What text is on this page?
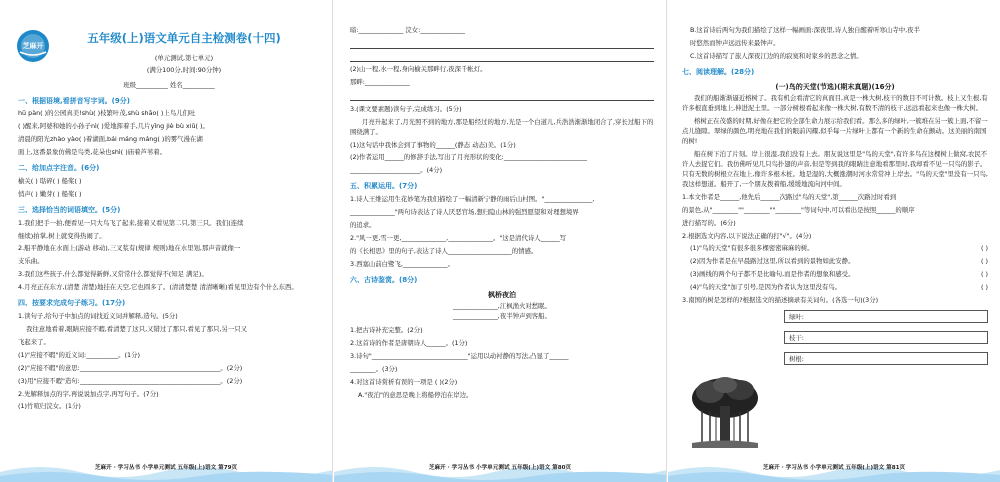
芝麻开
五年级(上)语文单元自主检测卷(十四)
(单元测试,第七单元)
(满分100分,时间:90分钟)
班级__________ 姓名__________
一、根据语境,看拼音写字词。(9分)
hū pàn( )的公园真美!shù( )枝繁叶茂,shù shāo( )上鸟儿们吐
( )醒来,阿婆和她的小孙子nì( )爱地挥着手,几片yǐng jiè bù xiǔ( )。
清晨的阳光zhào yào( )着湖面,bái máng máng( )的雾气漫在湖
面上,这番景象仿佛是鸟类,花朵也shì( )庙着芦苇着。
二、给加点字注音。(6分)
榆关( ) 聒碎( ) 船桨( )
悄声( ) 嫩芽( ) 船桨( )
三、选择恰当的词语填空。(5分)
1.我们把手一拍,便看见一只大鸟飞了起来,接着又看见第二只,第三只。我们(连续
继续)拍掌,树上就变得热闹了。
2.船平静地在水面上(游动 移动),三叉浆有(规律 规则)地在水里划,那声音就像一
支乐曲。
3.我们这些孩子,什么都觉得新鲜,又常常什么都觉得不(知足 满足)。
4.月亮正在东方,(清楚 清楚)地挂在天空,它也圆多了。(清清楚楚 清清晰晰)看见里边有个什么东西。
四、按要求完成句子练习。(17分)
1.读句子,给句子中加点的词找近义词并解释,造句。(5分)
我往意地看着,眼睛应接不暇,看清楚了这只,又错过了那只,看见了那只,另一只又
飞起来了。
(1)"应接不暇"的近义词:__________。(1分)
(2)"应接不暇"的意思:____________________________________________。(2分)
(3)用"应接不暇"造句:____________________________________________。(2分)
2.先解释加点的字,再说说加点字,再写句子。(7分)
(1)竹喧归浣女。(1分)
芝麻开 · 学习丛书 小学单元测试 五年级(上)语文 第79页
暗:______________ 浣女:______________
(2)山一程,水一程,身向榆关那畔行,夜深千帐灯。
那畔:______________
3.(课文要素题)读句子,完成练习。(5分)
月亮升起来了,月光照不到的地方,那是船经过的地方,光是一个白道儿,兵浩浩渐渐地闭合了,穿长过船下的围绕满了。
(1)这句话中我体会到了事物的______(静态 动态)美。(1分)
(2)作者运用______的修辞手法,写出了月亮形状的变化:__________________________
______________________。(4分)
五、积累运用。(7分)
1.诗人王维运用生花妙笔为我们描绘了一幅清新宁静的雨后山村图。"_______________,
______________"两句诗表达了诗人厌恶官场,想归隐山林的强烈愿望和对理想境界
的追求。
2."风一更,雪一更,______________,______________。"这是清代诗人______写
的《长相思》里的句子,表达了诗人____________________的情感。
3.西塞山前白鹭飞,______________。
六、古诗鉴赏。(8分)
枫桥夜泊
______________,江枫渔火对愁眠。
______________,夜半钟声到客船。
1.把古诗补充完整。(2分)
2.这首诗的作者是唐朝诗人______。(1分)
3.诗句"______________________________"运用以动衬静的写法,凸显了______
________。(3分)
4.对这首诗赏析有误的一项是 ( )(2分)
A."夜泊"的意思是晚上将船停泊在岸边。
芝麻开 · 学习丛书 小学单元测试 五年级(上)语文 第80页
B.这首诗后两句为我们描绘了这样一幅画面:深夜里,诗人独自醒着听寒山寺中,夜半
时悠然而钟声远远传来最钟声。
C.这首诗描写了旅人深夜江边的的寂寞和对家乡的思念之情。
七、阅读理解。(28分)
(一)鸟的天堂(节选)(期末真题)(16分)
我们的船渐渐逼近榕树了。我有机会看清它的真面目,真是一株大树,枝干的数目不可计数。枝上又生根,有许多根直垂到地上,伸进泥土里。一部分树根看起来像一株大树,有数不清的枝干,远远看起来也像一株大树。
榕树正在茂盛的时期,好像在把它的全部生命力展示给我们看。那么多的绿叶,一簇堆在另一簇上面,不留一点儿缝隙。翠绿的颜色,明亮地在我们的眼前闪耀,似乎每一片绿叶上都有一个新的生命在颤动。这美丽的南国的树!
船在树下泊了片刻。岸上很湿,我们没有上去。朋友说这里是"鸟的天堂",有许多鸟在这棵树上做窝,农民不许人去捉它们。我仿佛听见几只鸟扑翅的声音,但是等到我的眼睛注意地看那里时,我却看不见一只鸟的影子。只有无数的树根立在地上,像许多根木桩。地是湿的,大概涨潮时河水常常冲上岸去。"鸟的天堂"里没有一只鸟,我这样想道。船开了,一个朋友拨着船,缓缓地流向河中间。
1.本文作者是______,他先后______次路过"鸟的天堂",第______次路过时看到
的景色,从"________""________""________"等词句中,可以看出是按照______的顺序
进行描写的。(6分)
2.根据选文内容,以下说法正确的打"√"。(4分)
(1)"鸟的天堂"有很多很多棵密密麻麻的树。	( )
(2)因为作者是在早晨路过这里,所以看到的景物如此安静。	( )
(3)画线的两个句子都不是比喻句,而是作者的想象和感受。	( )
(4)"鸟的天堂"加了引号,是因为作者认为这里没有鸟。	( )
3.南国的树是怎样的?根据选文的描述摘录有关词句。(各选一句)(3分)
绿叶:
枝干:
树根:
芝麻开 · 学习丛书 小学单元测试 五年级(上)语文 第81页
